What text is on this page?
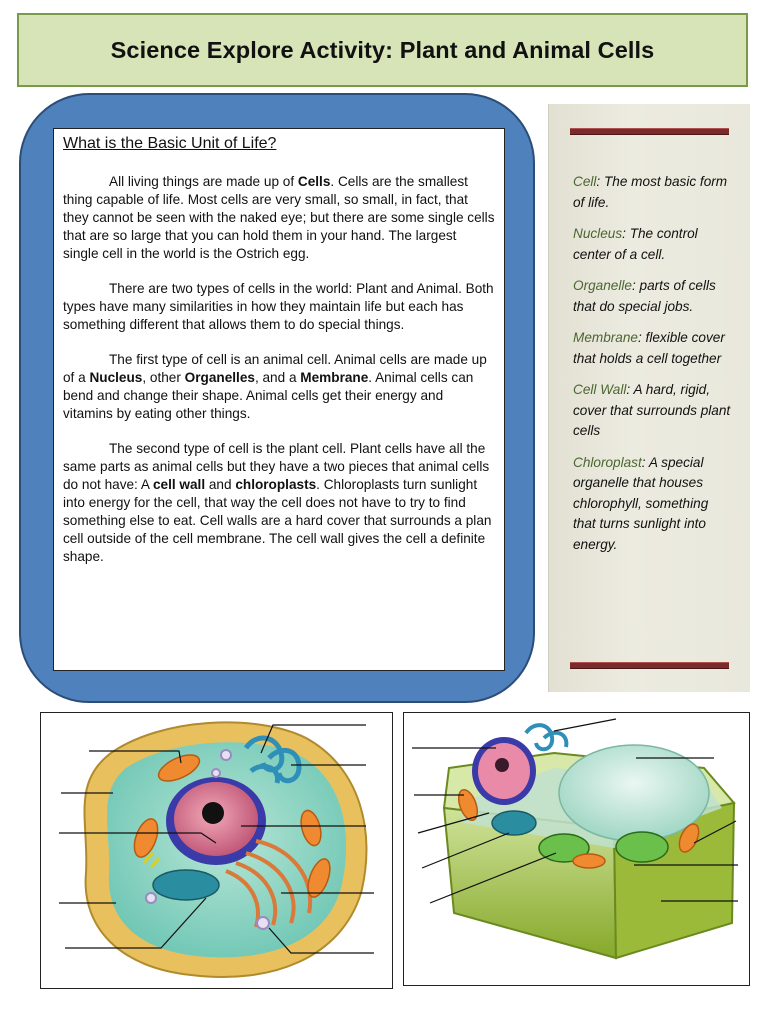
Science Explore Activity: Plant and Animal Cells
What is the Basic Unit of Life?

All living things are made up of Cells. Cells are the smallest thing capable of life. Most cells are very small, so small, in fact, that they cannot be seen with the naked eye; but there are some single cells that are so large that you can hold them in your hand. The largest single cell in the world is the Ostrich egg.

There are two types of cells in the world: Plant and Animal. Both types have many similarities in how they maintain life but each has something different that allows them to do special things.

The first type of cell is an animal cell. Animal cells are made up of a Nucleus, other Organelles, and a Membrane. Animal cells can bend and change their shape. Animal cells get their energy and vitamins by eating other things.

The second type of cell is the plant cell. Plant cells have all the same parts as animal cells but they have a two pieces that animal cells do not have: A cell wall and chloroplasts. Chloroplasts turn sunlight into energy for the cell, that way the cell does not have to try to find something else to eat. Cell walls are a hard cover that surrounds a plan cell outside of the cell membrane. The cell wall gives the cell a definite shape.

Cell: The most basic form of life.
Nucleus: The control center of a cell.
Organelle: parts of cells that do special jobs.
Membrane: flexible cover that holds a cell together
Cell Wall: A hard, rigid, cover that surrounds plant cells
Chloroplast: A special organelle that houses chlorophyll, something that turns sunlight into energy.
